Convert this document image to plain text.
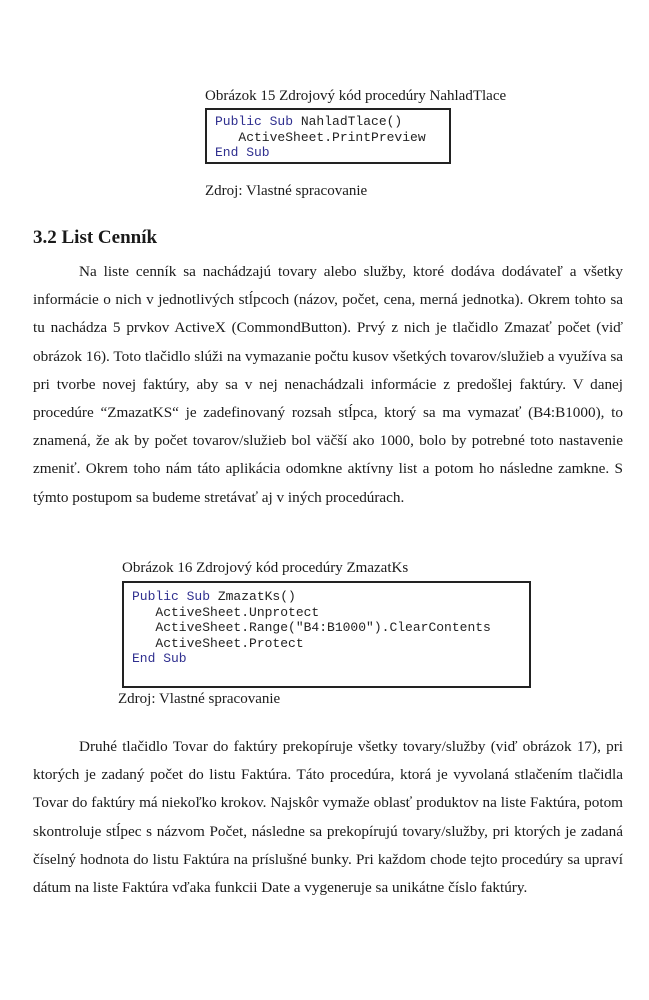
Obrázok 15 Zdrojový kód procedúry NahladTlace
Public Sub NahladTlace()
ActiveSheet.PrintPreview
End Sub
Zdroj: Vlastné spracovanie
3.2 List Cenník
Na liste cenník sa nachádzajú tovary alebo služby, ktoré dodáva dodávateľ a všetky informácie o nich v jednotlivých stĺpcoch (názov, počet, cena, merná jednotka). Okrem tohto sa tu nachádza 5 prvkov ActiveX (CommondButton). Prvý z nich je tlačidlo Zmazať počet (viď obrázok 16). Toto tlačidlo slúži na vymazanie počtu kusov všetkých tovarov/služieb a využíva sa pri tvorbe novej faktúry, aby sa v nej nenachádzali informácie z predošlej faktúry. V danej procedúre “ZmazatKS“ je zadefinovaný rozsah stĺpca, ktorý sa ma vymazať (B4:B1000), to znamená, že ak by počet tovarov/služieb bol väčší ako 1000, bolo by potrebné toto nastavenie zmeniť. Okrem toho nám táto aplikácia odomkne aktívny list a potom ho následne zamkne. S týmto postupom sa budeme stretávať aj v iných procedúrach.
Obrázok 16 Zdrojový kód procedúry ZmazatKs
Public Sub ZmazatKs()
ActiveSheet.Unprotect
ActiveSheet.Range("B4:B1000").ClearContents
ActiveSheet.Protect
End Sub
Zdroj: Vlastné spracovanie
Druhé tlačidlo Tovar do faktúry prekopíruje všetky tovary/služby (viď obrázok 17), pri ktorých je zadaný počet do listu Faktúra. Táto procedúra, ktorá je vyvolaná stlačením tlačidla Tovar do faktúry má niekoľko krokov. Najskôr vymaže oblasť produktov na liste Faktúra, potom skontroluje stĺpec s názvom Počet, následne sa prekopírujú tovary/služby, pri ktorých je zadaná číselný hodnota do listu Faktúra na príslušné bunky. Pri každom chode tejto procedúry sa upraví dátum na liste Faktúra vďaka funkcii Date a vygeneruje sa unikátne číslo faktúry.
